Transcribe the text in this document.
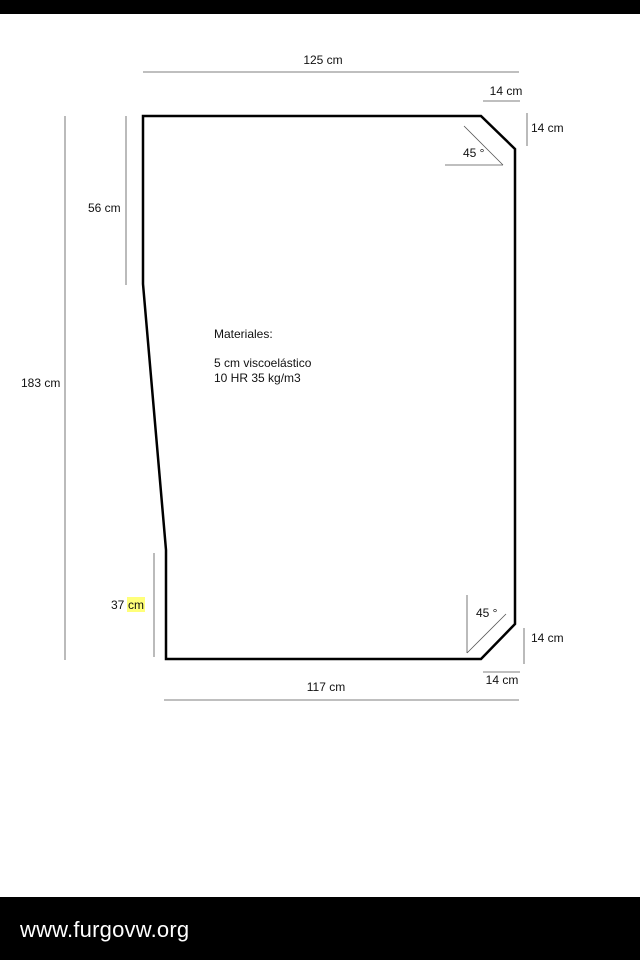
125 cm
14 cm
14 cm
45 °
183 cm
56 cm
37 cm
45 °
14 cm
14 cm
117 cm
Materiales:
5 cm viscoelástico
10 HR 35 kg/m3
www.furgovw.org
